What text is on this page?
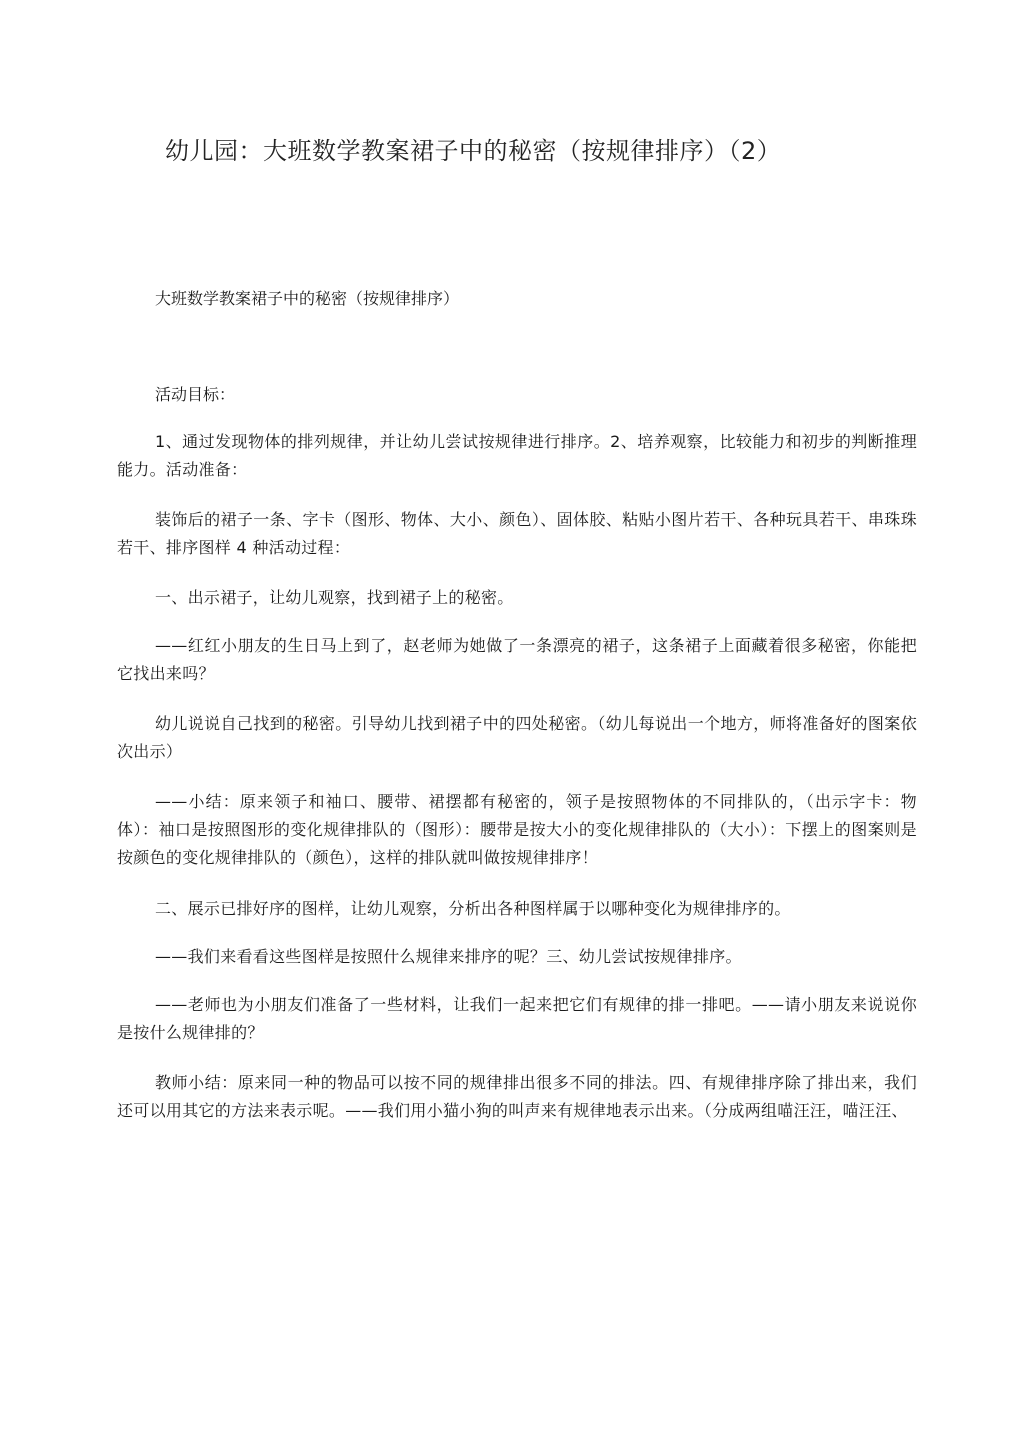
幼儿园：大班数学教案裙子中的秘密（按规律排序）（2）
大班数学教案裙子中的秘密（按规律排序）
活动目标：

1、通过发现物体的排列规律，并让幼儿尝试按规律进行排序。2、培养观察，比较能力和初步的判断推理能力。活动准备：

装饰后的裙子一条、字卡（图形、物体、大小、颜色）、固体胶、粘贴小图片若干、各种玩具若干、串珠珠若干、排序图样 4 种活动过程：

一、出示裙子，让幼儿观察，找到裙子上的秘密。

——红红小朋友的生日马上到了，赵老师为她做了一条漂亮的裙子，这条裙子上面藏着很多秘密，你能把它找出来吗？

幼儿说说自己找到的秘密。引导幼儿找到裙子中的四处秘密。（幼儿每说出一个地方，师将准备好的图案依次出示）

——小结：原来领子和袖口、腰带、裙摆都有秘密的，领子是按照物体的不同排队的，（出示字卡：物体）：袖口是按照图形的变化规律排队的（图形）：腰带是按大小的变化规律排队的（大小）：下摆上的图案则是按颜色的变化规律排队的（颜色），这样的排队就叫做按规律排序！

二、展示已排好序的图样，让幼儿观察，分析出各种图样属于以哪种变化为规律排序的。

——我们来看看这些图样是按照什么规律来排序的呢？三、幼儿尝试按规律排序。

——老师也为小朋友们准备了一些材料，让我们一起来把它们有规律的排一排吧。——请小朋友来说说你是按什么规律排的？

教师小结：原来同一种的物品可以按不同的规律排出很多不同的排法。四、有规律排序除了排出来，我们还可以用其它的方法来表示呢。——我们用小猫小狗的叫声来有规律地表示出来。（分成两组喵汪汪，喵汪汪、
